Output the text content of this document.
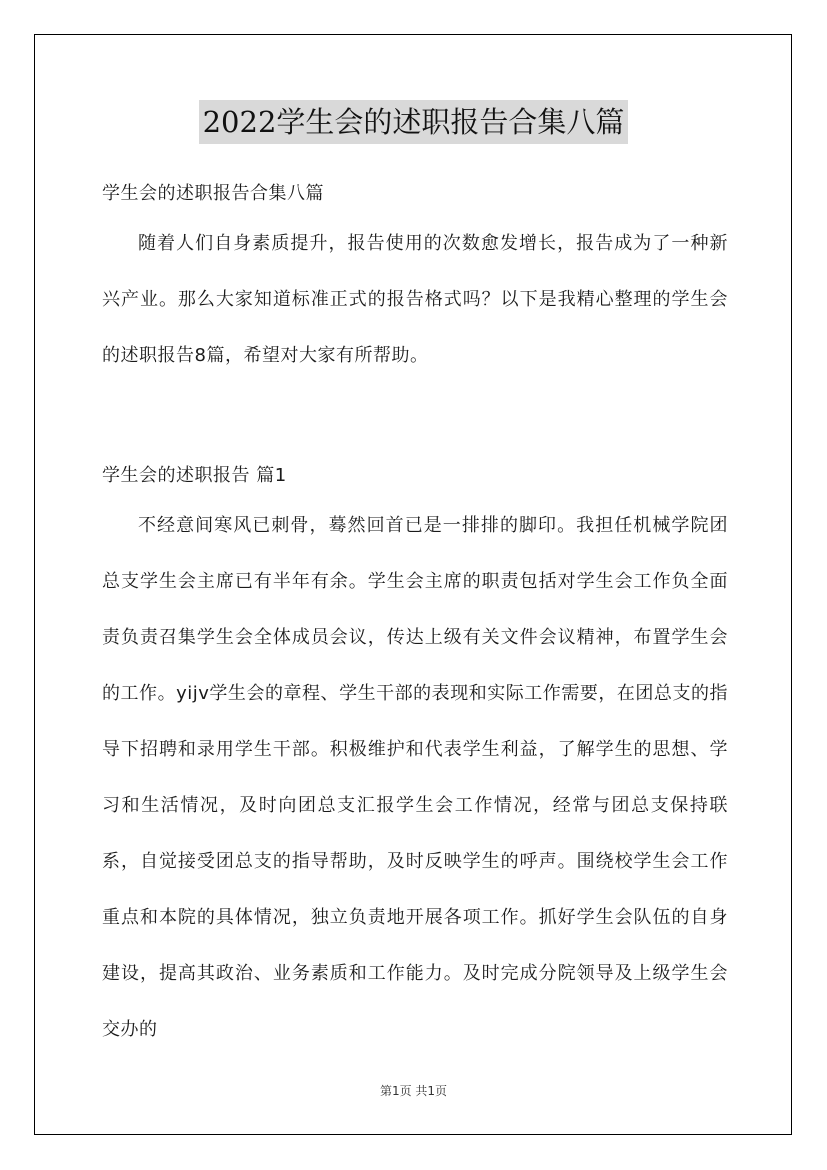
2022学生会的述职报告合集八篇
学生会的述职报告合集八篇

随着人们自身素质提升，报告使用的次数愈发增长，报告成为了一种新兴产业。那么大家知道标准正式的报告格式吗？以下是我精心整理的学生会的述职报告8篇，希望对大家有所帮助。

学生会的述职报告 篇1

不经意间寒风已刺骨，蓦然回首已是一排排的脚印。我担任机械学院团总支学生会主席已有半年有余。学生会主席的职责包括对学生会工作负全面责负责召集学生会全体成员会议，传达上级有关文件会议精神，布置学生会的工作。yijv学生会的章程、学生干部的表现和实际工作需要，在团总支的指导下招聘和录用学生干部。积极维护和代表学生利益，了解学生的思想、学习和生活情况，及时向团总支汇报学生会工作情况，经常与团总支保持联系，自觉接受团总支的指导帮助，及时反映学生的呼声。围绕校学生会工作重点和本院的具体情况，独立负责地开展各项工作。抓好学生会队伍的自身建设，提高其政治、业务素质和工作能力。及时完成分院领导及上级学生会交办的

第1页 共1页
